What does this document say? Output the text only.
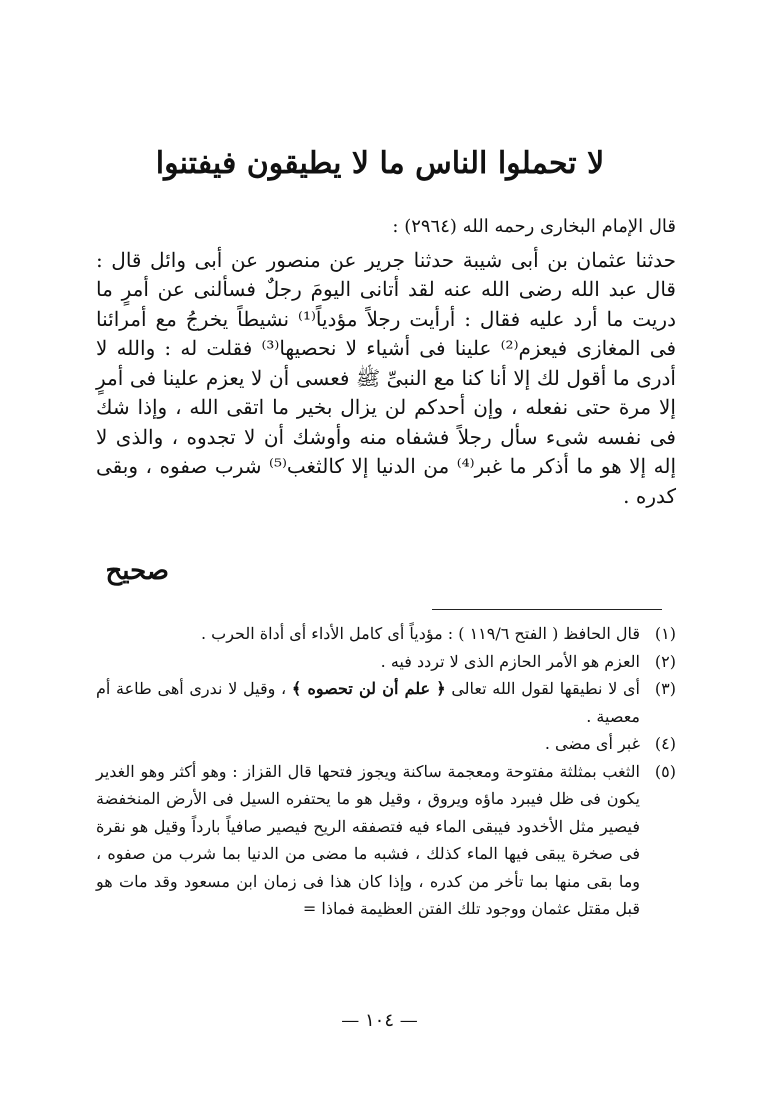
لا تحملوا الناس ما لا يطيقون فيفتنوا

قال الإمام البخارى رحمه الله (٢٩٦٤) :

حدثنا عثمان بن أبى شيبة حدثنا جرير عن منصور عن أبى وائل قال : قال عبد الله رضى الله عنه لقد أتانى اليومَ رجلٌ فسألنى عن أمرٍ ما دريت ما أرد عليه فقال : أرأيت رجلاً مؤدياً⁽¹⁾ نشيطاً يخرجُ مع أمرائنا فى المغازى فيعزم⁽²⁾ علينا فى أشياء لا نحصيها⁽³⁾ فقلت له : والله لا أدرى ما أقول لك إلا أنا كنا مع النبىِّ ﷺ فعسى أن لا يعزم علينا فى أمرٍ إلا مرة حتى نفعله ، وإن أحدكم لن يزال بخير ما اتقى الله ، وإذا شك فى نفسه شىء سأل رجلاً فشفاه منه وأوشك أن لا تجدوه ، والذى لا إله إلا هو ما أذكر ما غبر⁽⁴⁾ من الدنيا إلا كالثغب⁽⁵⁾ شرب صفوه ، وبقى كدره .

صحيح
(١)
قال الحافظ ( الفتح ١١٩/٦ ) : مؤدياً أى كامل الأداء أى أداة الحرب .
(٢)
العزم هو الأمر الحازم الذى لا تردد فيه .
(٣)
أى لا نطيقها لقول الله تعالى ﴿ علم أن لن تحصوه ﴾ ، وقيل لا ندرى أهى طاعة أم معصية .
(٤)
غبر أى مضى .
(٥)
الثغب بمثلثة مفتوحة ومعجمة ساكنة ويجوز فتحها قال القزاز : وهو أكثر وهو الغدير يكون فى ظل فيبرد ماؤه ويروق ، وقيل هو ما يحتفره السيل فى الأرض المنخفضة فيصير مثل الأخدود فيبقى الماء فيه فتصفقه الريح فيصير صافياً بارداً وقيل هو نقرة فى صخرة يبقى فيها الماء كذلك ، فشبه ما مضى من الدنيا بما شرب من صفوه ، وما بقى منها بما تأخر من كدره ، وإذا كان هذا فى زمان ابن مسعود وقد مات هو قبل مقتل عثمان ووجود تلك الفتن العظيمة فماذا =
— ١٠٤ —
